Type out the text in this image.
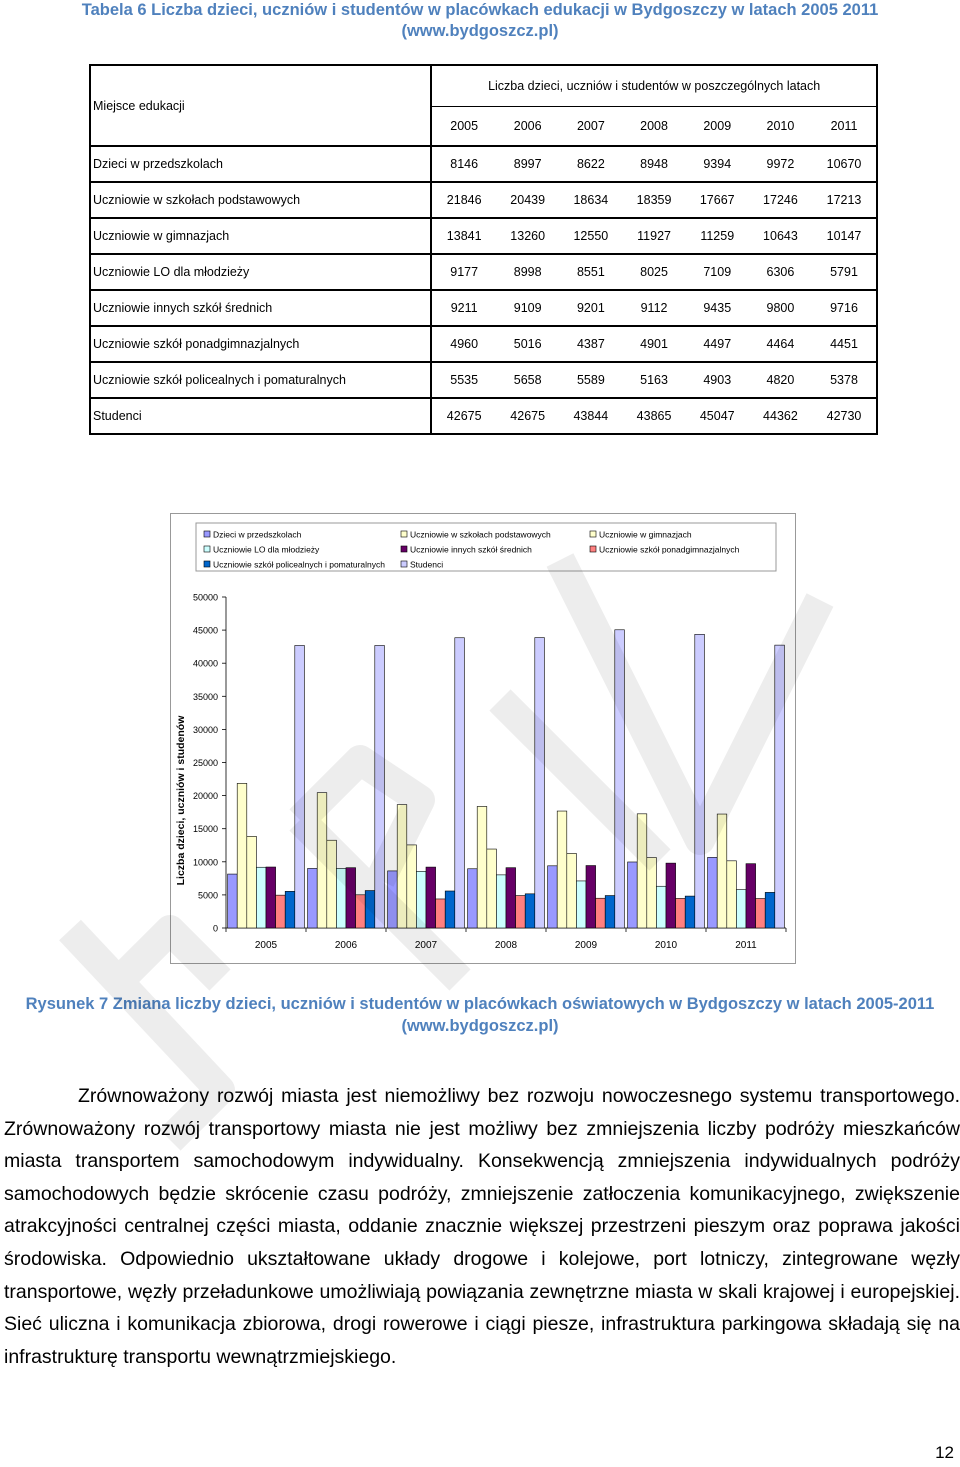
Tabela 6 Liczba dzieci, uczniów i studentów w placówkach edukacji w Bydgoszczy w latach 2005 2011
(www.bydgoszcz.pl)
Miejsce edukacji	Liczba dzieci, uczniów i studentów w poszczególnych latach						
	2005	2006	2007	2008	2009	2010	2011
Dzieci w przedszkolach	8146	8997	8622	8948	9394	9972	10670
Uczniowie w szkołach podstawowych	21846	20439	18634	18359	17667	17246	17213
Uczniowie w gimnazjach	13841	13260	12550	11927	11259	10643	10147
Uczniowie LO dla młodzieży	9177	8998	8551	8025	7109	6306	5791
Uczniowie innych szkół średnich	9211	9109	9201	9112	9435	9800	9716
Uczniowie szkół ponadgimnazjalnych	4960	5016	4387	4901	4497	4464	4451
Uczniowie szkół policealnych i pomaturalnych	5535	5658	5589	5163	4903	4820	5378
Studenci	42675	42675	43844	43865	45047	44362	42730
Dzieci w przedszkolach	Uczniowie w szkołach podstawowych	Uczniowie w gimnazjach
Uczniowie LO dla młodzieży	Uczniowie innych szkół średnich	Uczniowie szkół ponadgimnazjalnych
Uczniowie szkół policealnych i pomaturalnych	Studenci
0
5000
10000
15000
20000
25000
30000
35000
40000
45000
50000
Liczba dzieci, uczniów i studenów
2005	2006	2007	2008	2009	2010	2011
Rysunek 7 Zmiana liczby dzieci, uczniów i studentów w placówkach oświatowych w Bydgoszczy w latach 2005-2011
(www.bydgoszcz.pl)

Zrównoważony rozwój miasta jest niemożliwy bez rozwoju nowoczesnego systemu transportowego. Zrównoważony rozwój transportowy miasta nie jest możliwy bez zmniejszenia liczby podróży mieszkańców miasta transportem samochodowym indywidualny. Konsekwencją zmniejszenia indywidualnych podróży samochodowych będzie skrócenie czasu podróży, zmniejszenie zatłoczenia komunikacyjnego, zwiększenie atrakcyjności centralnej części miasta, oddanie znacznie większej przestrzeni pieszym oraz poprawa jakości środowiska. Odpowiednio ukształtowane układy drogowe i kolejowe, port lotniczy, zintegrowane węzły transportowe, węzły przeładunkowe umożliwiają powiązania zewnętrzne miasta w skali krajowej i europejskiej. Sieć uliczna i komunikacja zbiorowa, drogi rowerowe i ciągi piesze, infrastruktura parkingowa składają się na infrastrukturę transportu wewnątrzmiejskiego.

12
